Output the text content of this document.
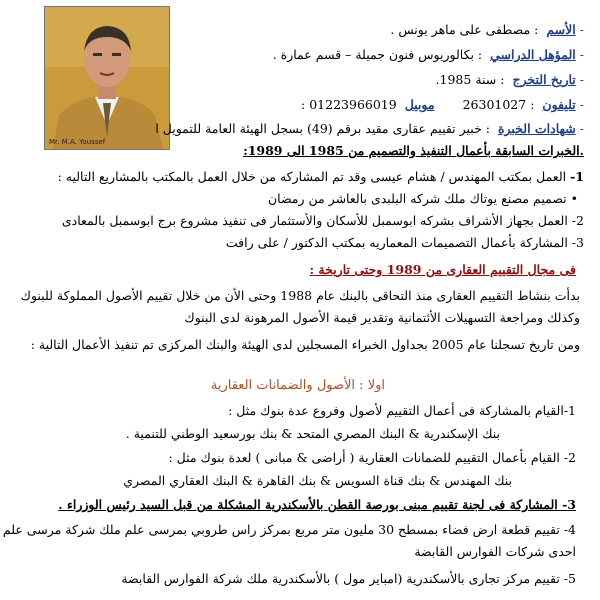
Mr. M.A. Youssef
-الأسم: مصطفى على ماهر يونس .
-المؤهل الدراسي: بكالوريوس فنون جميلة – قسم عمارة .
-تاريخ التخرج: سنة 1985.
-تليفون: 26301027موبيل01223966019 :
-شهادات الخبرة: خبير تقييم عقارى مقيد برقم (49) بسجل الهيئة العامة للتمويل ا
.الخبرات السابقة بأعمال التنفيذ والتصميم من 1985 الى 1989:
1- العمل بمكتب المهندس / هشام عيسى وقد تم المشاركه من خلال العمل بالمكتب بالمشاريع التاليه :
• تصميم مصنع يوتاك ملك شركه البلبدى بالعاشر من رمضان
2- العمل بجهاز الأشراف بشركه ابوسمبل للأسكان والأستثمار فى تنفيذ مشروع برج ابوسمبل بالمعادى
3- المشاركة بأعمال التصميمات المعماريه بمكتب الدكتور / على رافت
فى مجال التقييم العقارى من 1989 وحتى تاريخة :
بدأت بنشاط التقييم العقارى منذ التحاقى بالبنك عام 1988 وحتى الأن من خلال تقييم الأصول المملوكة للبنوك
وكذلك ومراجعة التسهيلات الأئتمانية وتقدير قيمة الأصول المرهونة لدى البنوك
ومن تاريخ تسجلنا عام 2005 بجداول الخبراء المسجلين لدى الهيئة والبنك المركزى تم تنفيذ الأعمال التالية :
اولا : الأصول والضمانات العقارية
1-القيام بالمشاركة فى أعمال التقييم لأصول وفروع عدة بنوك مثل :
بنك الإسكندرية & البنك المصري المتحد & بنك بورسعيد الوطني للتنمية .
2- القيام بأعمال التقييم للضمانات العقارية ( أراضى & مبانى ) لعدة بنوك مثل :
بنك المهندس & بنك قناة السويس & بنك القاهرة & البنك العقاري المصري
3- المشاركة فى لجنة تقييم مبنى بورصة القطن بالأسكندرية المشكلة من قبل السيد رئيس الوزراء .
4- تقييم قطعة ارض فضاء بمسطح 30 مليون متر مربع بمركز راس طروبي بمرسى علم ملك شركة مرسى علم
احدى شركات الفوارس القابضة
5- تقييم مركز تجارى بالأسكندرية (امباير مول ) بالأسكندرية ملك شركة الفوارس القابضة
